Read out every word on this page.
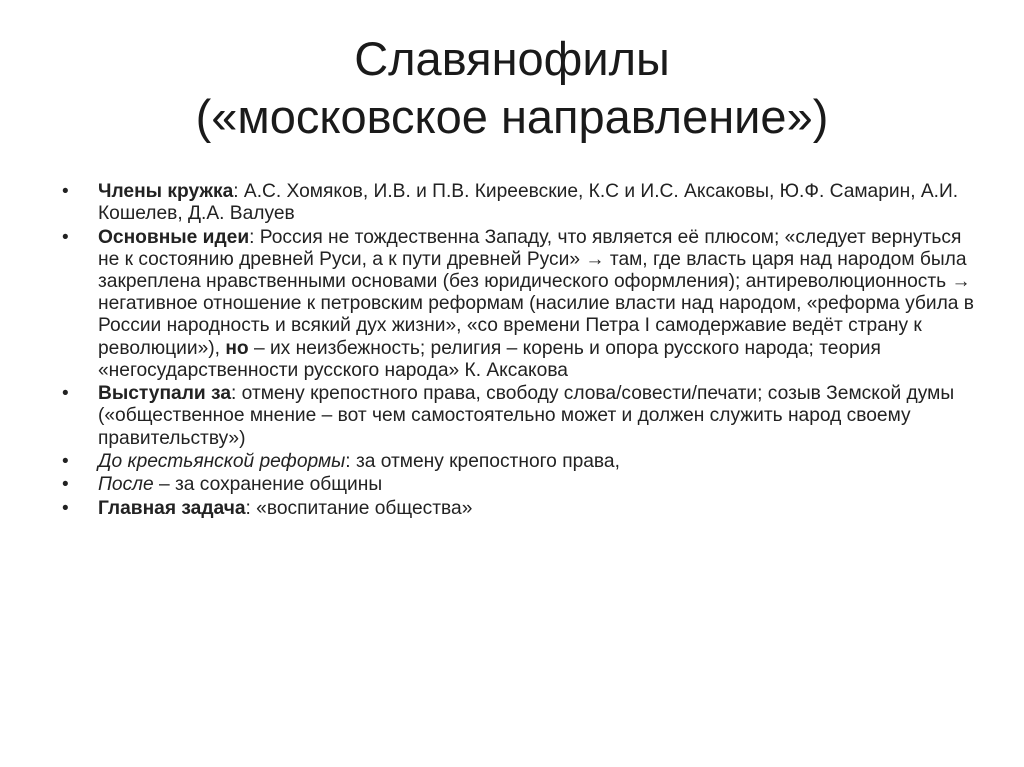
Славянофилы
(«московское направление»)
• Члены кружка: А.С. Хомяков, И.В. и П.В. Киреевские, К.С и И.С. Аксаковы, Ю.Ф. Самарин, А.И. Кошелев, Д.А. Валуев
• Основные идеи: Россия не тождественна Западу, что является её плюсом; «следует вернуться не к состоянию древней Руси, а к пути древней Руси» → там, где власть царя над народом была закреплена нравственными основами (без юридического оформления); антиреволюционность → негативное отношение к петровским реформам (насилие власти над народом, «реформа убила в России народность и всякий дух жизни», «со времени Петра I самодержавие ведёт страну к революции»), но – их неизбежность; религия – корень и опора русского народа; теория «негосударственности русского народа» К. Аксакова
• Выступали за: отмену крепостного права, свободу слова/совести/печати; созыв Земской думы («общественное мнение – вот чем самостоятельно может и должен служить народ своему правительству»)
• До крестьянской реформы: за отмену крепостного права,
• После – за сохранение общины
• Главная задача: «воспитание общества»
